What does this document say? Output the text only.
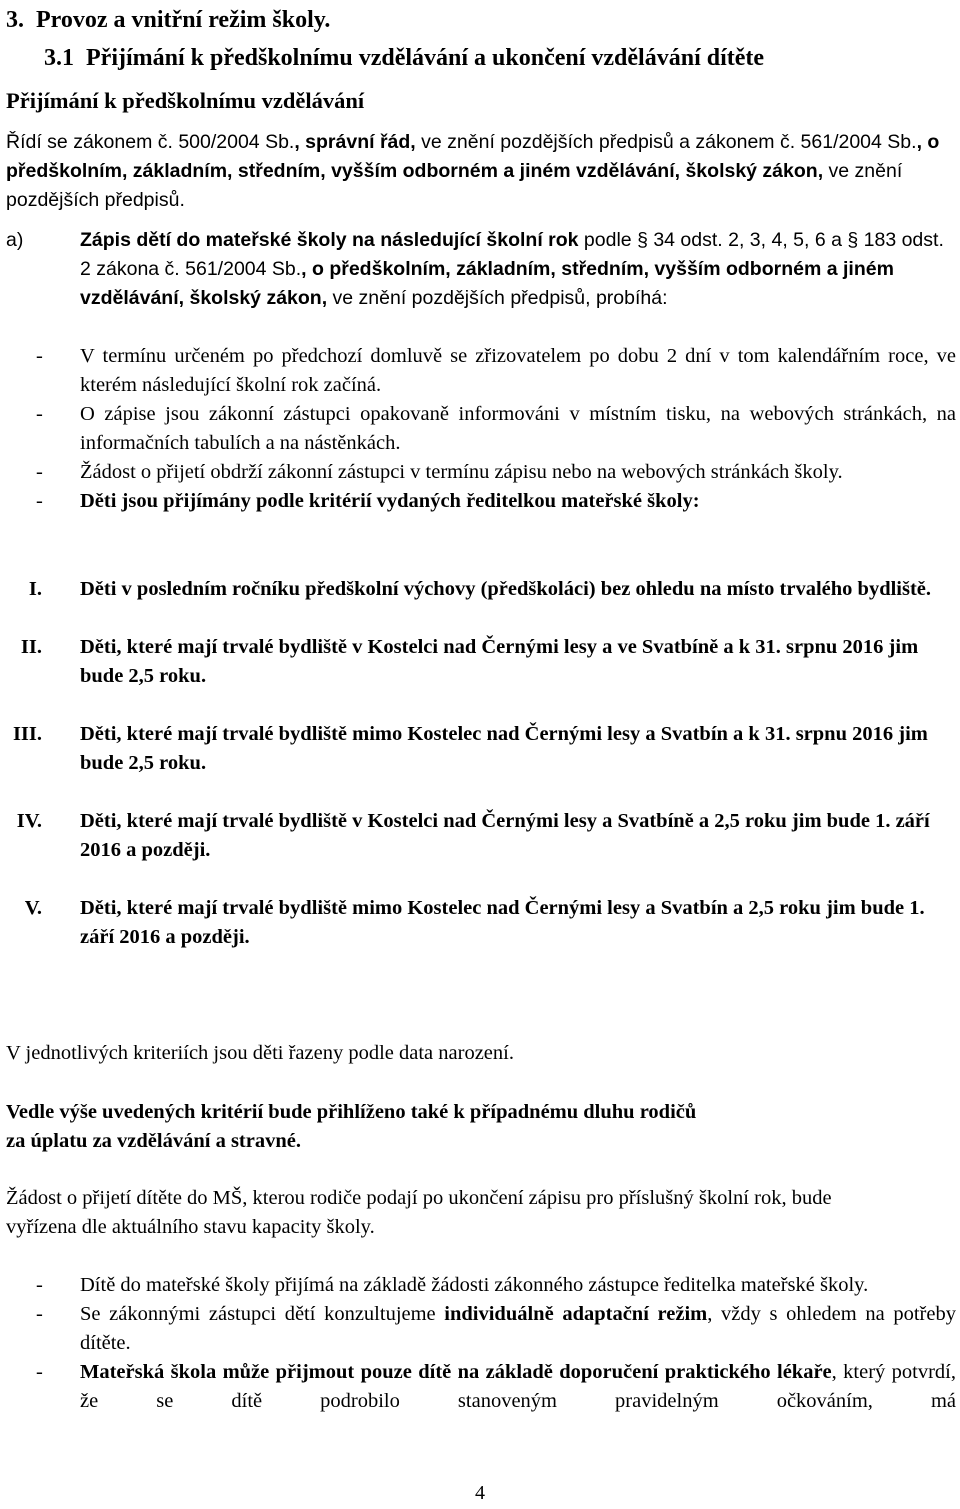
3.  Provoz a vnitřní režim školy.
3.1  Přijímání k předškolnímu vzdělávání a ukončení vzdělávání dítěte
Přijímání k předškolnímu vzdělávání
Řídí se zákonem č. 500/2004 Sb., správní řád, ve znění pozdějších předpisů a zákonem č. 561/2004 Sb., o předškolním, základním, středním, vyšším odborném a jiném vzdělávání, školský zákon, ve znění pozdějších předpisů.
a)	Zápis dětí do mateřské školy na následující školní rok podle § 34 odst. 2, 3, 4, 5, 6 a § 183 odst. 2 zákona č. 561/2004 Sb., o předškolním, základním, středním, vyšším odborném a jiném vzdělávání, školský zákon, ve znění pozdějších předpisů, probíhá:
- V termínu určeném po předchozí domluvě se zřizovatelem po dobu 2 dní v tom kalendářním roce, ve kterém následující školní rok začíná.
- O zápise jsou zákonní zástupci opakovaně informováni v místním tisku, na webových stránkách, na informačních tabulích a na nástěnkách.
- Žádost o přijetí obdrží zákonní zástupci v termínu zápisu nebo na webových stránkách školy.
- Děti jsou přijímány podle kritérií vydaných ředitelkou mateřské školy:
I. Děti v posledním ročníku předškolní výchovy (předškoláci) bez ohledu na místo trvalého bydliště.
II. Děti, které mají trvalé bydliště v Kostelci nad Černými lesy a ve Svatbíně a k 31. srpnu 2016 jim bude 2,5 roku.
III. Děti, které mají trvalé bydliště mimo Kostelec nad Černými lesy a Svatbín a k 31. srpnu 2016 jim bude 2,5 roku.
IV. Děti, které mají trvalé bydliště v Kostelci nad Černými lesy a Svatbíně a 2,5 roku jim bude 1. září 2016 a později.
V. Děti, které mají trvalé bydliště mimo Kostelec nad Černými lesy a Svatbín a 2,5 roku jim bude 1. září 2016 a později.
V jednotlivých kriteriích jsou děti řazeny podle data narození.
Vedle výše uvedených kritérií bude přihlíženo také k případnému dluhu rodičů
za úplatu za vzdělávání a stravné.
Žádost o přijetí dítěte do MŠ, kterou rodiče podají po ukončení zápisu pro příslušný školní rok, bude vyřízena dle aktuálního stavu kapacity školy.
- Dítě do mateřské školy přijímá na základě žádosti zákonného zástupce ředitelka mateřské školy.
- Se zákonnými zástupci dětí konzultujeme individuálně adaptační režim, vždy s ohledem na potřeby dítěte.
- Mateřská škola může přijmout pouze dítě na základě doporučení praktického lékaře, který potvrdí, že se dítě podrobilo stanoveným pravidelným očkováním, má
4
